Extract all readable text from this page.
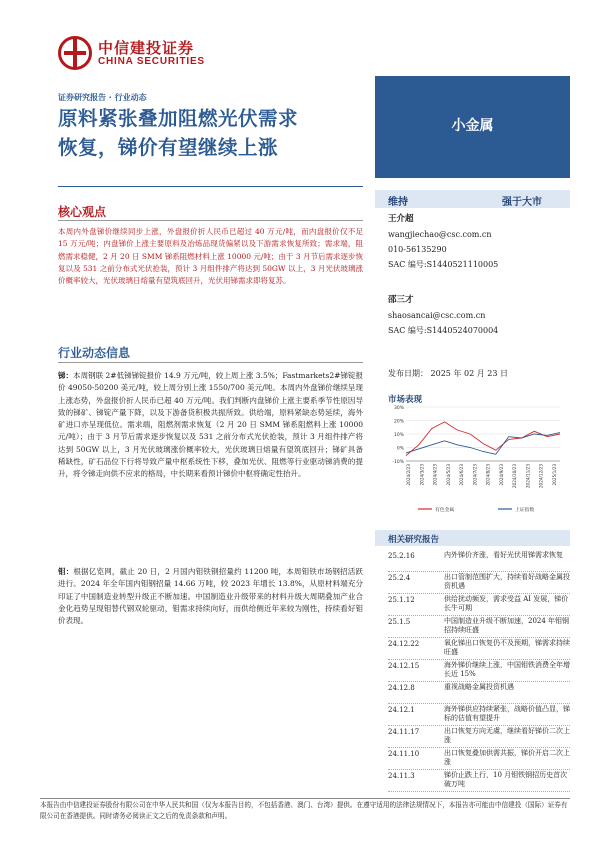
中信建投证券
CHINA SECURITIES
小金属
维持	强于大市
王介超
wangjiechao@csc.com.cn
010-56135290
SAC 编号:S1440521110005
邵三才
shaosancai@csc.com.cn
SAC 编号:S1440524070004
发布日期： 2025 年 02 月 23 日
市场表现
30%
20%
10%
0%
-10%
2024/2/23 2024/3/23 2024/4/23 2024/5/23 2024/6/23 2024/7/23 2024/8/23 2024/9/23 2024/10/23 2024/11/23 2024/12/23 2025/1/23
有色金属	上证指数
相关研究报告
25.2.16	内外锑价齐涨，看好光伏用锑需求恢复
25.2.4	出口管制范围扩大，持续看好战略金属投资机遇
25.1.12	供给扰动频发，需求受益 AI 发展，锑价长牛可期
25.1.5	中国制造业升级不断加速，2024 年钼钢招持续旺盛
24.12.22	氧化锑出口恢复仍不及预期，锑需求持续旺盛
24.12.15	海外锑价继续上涨，中国钼铁消费全年增长近 15%
24.12.8	重视战略金属投资机遇
24.12.1	海外锑供应持续紧张，战略价值凸显，锑标的估值有望提升
24.11.17	出口恢复方向无虞，继续看好锑价二次上涨
24.11.10	出口恢复叠加供需共振，锑价开启二次上涨
24.11.3	锑价止跌上行，10 月钼铁钢招历史首次破万吨
证券研究报告 · 行业动态
原料紧张叠加阻燃光伏需求
恢复，锑价有望继续上涨
核心观点
本周内外盘锑价继续同步上涨，外盘报价折人民币已超过 40 万元/吨，而内盘报价仅不足 15 万元/吨；内盘锑价上涨主要原料及冶炼品现货偏紧以及下游需求恢复所致；需求端，阻燃需求稳健，2 月 20 日 SMM 锑系阻燃材料上涨 10000 元/吨；由于 3 月节后需求逐步恢复以及 531 之前分布式光伏抢装，预计 3 月组件排产将达到 50GW 以上，3 月光伏玻璃涨价概率较大，光伏玻璃日熔量有望筑底回升，光伏用锑需求即将复苏。
行业动态信息
锑：本周钢联 2#低锑锑锭报价 14.9 万元/吨，较上周上涨 3.5%；Fastmarkets2#锑锭报价 49050-50200 美元/吨，较上周分别上涨 1550/700 美元/吨。本周内外盘锑价继续呈现上涨态势，外盘报价折人民币已超 40 万元/吨。我们判断内盘锑价上涨主要系季节性原因导致的锑矿、锑锭产量下降，以及下游备货积极共振所致。供给端，原料紧缺态势延续，海外矿进口亦呈现低位。需求端，阻燃剂需求恢复（2 月 20 日 SMM 锑系阻燃料上涨 10000 元/吨）；由于 3 月节后需求逐步恢复以及 531 之前分布式光伏抢装，预计 3 月组件排产将达到 50GW 以上，3 月光伏玻璃涨价概率较大，光伏玻璃日熔量有望筑底回升；锑矿具备稀缺性，矿石品位下行将导致产量中枢系统性下移，叠加光伏、阻燃等行业驱动锑消费的提升，将令锑走向供不应求的格局，中长期来看预计锑价中枢将确定性抬升。
钼：根据亿览网，截止 20 日，2 月国内钼铁钢招量约 11200 吨，本周钼铁市场钢招活跃进行。2024 年全年国内钼钢招量 14.66 万吨，较 2023 年增长 13.8%，从原材料端充分印证了中国制造业转型升级正不断加速。中国制造业升级带来的材料升级大周期叠加产业合金化趋势呈现钼替代钢双轮驱动，钼需求持续向好，而供给侧近年来较为刚性，持续看好钼价表现。
本报告由中信建投证券股份有限公司在中华人民共和国（仅为本报告目的，不包括香港、澳门、台湾）提供。在遵守适用的法律法规情况下，本报告亦可能由中信建投（国际）证券有限公司在香港提供。同时请务必阅读正文之后的免责条款和声明。
